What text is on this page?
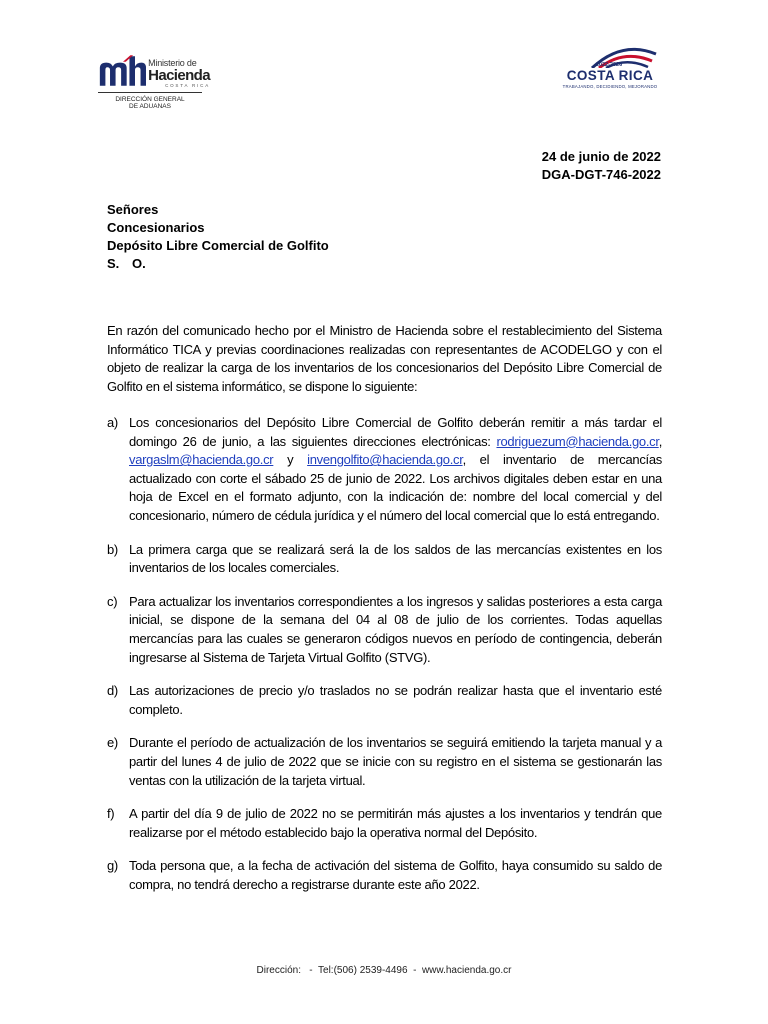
Ministerio de
Hacienda
COSTA RICA
DIRECCIÓN GENERAL
DE ADUANAS
2022-2026
COSTA RICA
TRABAJANDO, DECIDIENDO, MEJORANDO
24 de junio de 2022
DGA-DGT-746-2022
Señores
Concesionarios
Depósito Libre Comercial de Golfito
S. O.

En razón del comunicado hecho por el Ministro de Hacienda sobre el restablecimiento del Sistema Informático TICA y previas coordinaciones realizadas con representantes de ACODELGO y con el objeto de realizar la carga de los inventarios de los concesionarios del Depósito Libre Comercial de Golfito en el sistema informático, se dispone lo siguiente:

a) Los concesionarios del Depósito Libre Comercial de Golfito deberán remitir a más tardar el domingo 26 de junio, a las siguientes direcciones electrónicas: rodriguezum@hacienda.go.cr, vargaslm@hacienda.go.cr y invengolfito@hacienda.go.cr, el inventario de mercancías actualizado con corte el sábado 25 de junio de 2022. Los archivos digitales deben estar en una hoja de Excel en el formato adjunto, con la indicación de: nombre del local comercial y del concesionario, número de cédula jurídica y el número del local comercial que lo está entregando.
b) La primera carga que se realizará será la de los saldos de las mercancías existentes en los inventarios de los locales comerciales.
c) Para actualizar los inventarios correspondientes a los ingresos y salidas posteriores a esta carga inicial, se dispone de la semana del 04 al 08 de julio de los corrientes. Todas aquellas mercancías para las cuales se generaron códigos nuevos en período de contingencia, deberán ingresarse al Sistema de Tarjeta Virtual Golfito (STVG).
d) Las autorizaciones de precio y/o traslados no se podrán realizar hasta que el inventario esté completo.
e) Durante el período de actualización de los inventarios se seguirá emitiendo la tarjeta manual y a partir del lunes 4 de julio de 2022 que se inicie con su registro en el sistema se gestionarán las ventas con la utilización de la tarjeta virtual.
f) A partir del día 9 de julio de 2022 no se permitirán más ajustes a los inventarios y tendrán que realizarse por el método establecido bajo la operativa normal del Depósito.
g) Toda persona que, a la fecha de activación del sistema de Golfito, haya consumido su saldo de compra, no tendrá derecho a registrarse durante este año 2022.
Dirección:   -  Tel:(506) 2539-4496  -  www.hacienda.go.cr
